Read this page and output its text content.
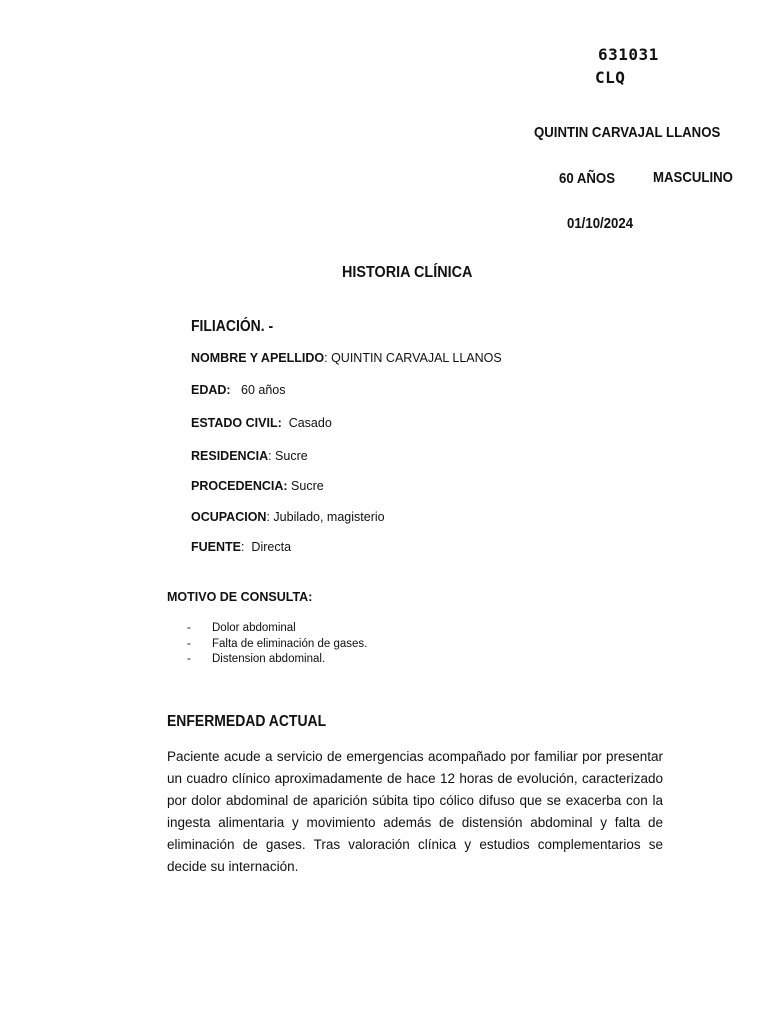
631031
CLQ
QUINTIN CARVAJAL LLANOS
60 AÑOS	MASCULINO
01/10/2024
HISTORIA CLÍNICA
FILIACIÓN. -
NOMBRE Y APELLIDO: QUINTIN CARVAJAL LLANOS
EDAD: 60 años
ESTADO CIVIL: Casado
RESIDENCIA: Sucre
PROCEDENCIA: Sucre
OCUPACION: Jubilado, magisterio
FUENTE:  Directa
MOTIVO DE CONSULTA:
- Dolor abdominal
- Falta de eliminación de gases.
- Distension abdominal.
ENFERMEDAD ACTUAL

Paciente acude a servicio de emergencias acompañado por familiar por presentar un cuadro clínico aproximadamente de hace 12 horas de evolución, caracterizado por dolor abdominal de aparición súbita tipo cólico difuso que se exacerba con la ingesta alimentaria y movimiento además de distensión abdominal y falta de eliminación de gases. Tras valoración clínica y estudios complementarios se decide su internación.
